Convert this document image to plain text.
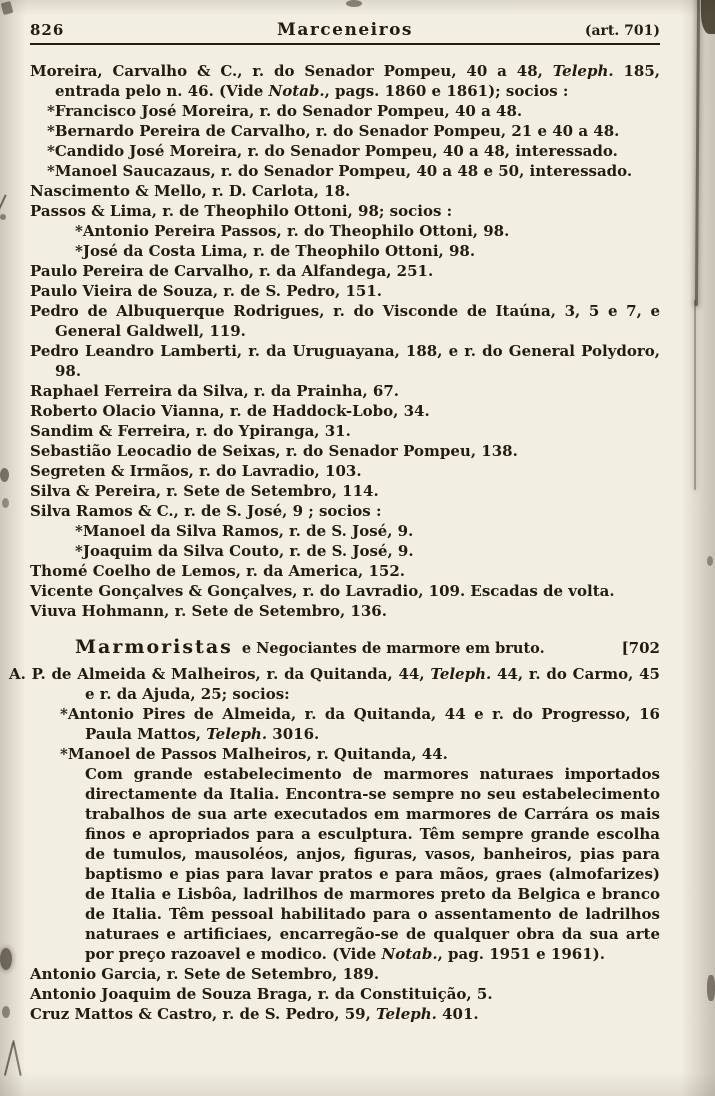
826	Marceneiros	(art. 701)
Moreira, Carvalho & C., r. do Senador Pompeu, 40 a 48, Teleph. 185, entrada pelo n. 46. (Vide Notab., pags. 1860 e 1861); socios :
*Francisco José Moreira, r. do Senador Pompeu, 40 a 48.
*Bernardo Pereira de Carvalho, r. do Senador Pompeu, 21 e 40 a 48.
*Candido José Moreira, r. do Senador Pompeu, 40 a 48, interessado.
*Manoel Saucazaus, r. do Senador Pompeu, 40 a 48 e 50, interessado.
Nascimento & Mello, r. D. Carlota, 18.
Passos & Lima, r. de Theophilo Ottoni, 98; socios :
*Antonio Pereira Passos, r. do Theophilo Ottoni, 98.
*José da Costa Lima, r. de Theophilo Ottoni, 98.
Paulo Pereira de Carvalho, r. da Alfandega, 251.
Paulo Vieira de Souza, r. de S. Pedro, 151.
Pedro de Albuquerque Rodrigues, r. do Visconde de Itaúna, 3, 5 e 7, e General Galdwell, 119.
Pedro Leandro Lamberti, r. da Uruguayana, 188, e r. do General Polydoro, 98.
Raphael Ferreira da Silva, r. da Prainha, 67.
Roberto Olacio Vianna, r. de Haddock-Lobo, 34.
Sandim & Ferreira, r. do Ypiranga, 31.
Sebastião Leocadio de Seixas, r. do Senador Pompeu, 138.
Segreten & Irmãos, r. do Lavradio, 103.
Silva & Pereira, r. Sete de Setembro, 114.
Silva Ramos & C., r. de S. José, 9 ; socios :
*Manoel da Silva Ramos, r. de S. José, 9.
*Joaquim da Silva Couto, r. de S. José, 9.
Thomé Coelho de Lemos, r. da America, 152.
Vicente Gonçalves & Gonçalves, r. do Lavradio, 109. Escadas de volta.
Viuva Hohmann, r. Sete de Setembro, 136.
Marmoristas e Negociantes de marmore em bruto.	[702
A. P. de Almeida & Malheiros, r. da Quitanda, 44, Teleph. 44, r. do Carmo, 45 e r. da Ajuda, 25; socios:
*Antonio Pires de Almeida, r. da Quitanda, 44 e r. do Progresso, 16 Paula Mattos, Teleph. 3016.
*Manoel de Passos Malheiros, r. Quitanda, 44.
Com grande estabelecimento de marmores naturaes importados directamente da Italia. Encontra-se sempre no seu estabelecimento trabalhos de sua arte executados em marmores de Carrára os mais finos e apropriados para a esculptura. Têm sempre grande escolha de tumulos, mausoléos, anjos, figuras, vasos, banheiros, pias para baptismo e pias para lavar pratos e para mãos, graes (almofarizes) de Italia e Lisbôa, ladrilhos de marmores preto da Belgica e branco de Italia. Têm pessoal habilitado para o assentamento de ladrilhos naturaes e artificiaes, encarregão-se de qualquer obra da sua arte por preço razoavel e modico. (Vide Notab., pag. 1951 e 1961).
Antonio Garcia, r. Sete de Setembro, 189.
Antonio Joaquim de Souza Braga, r. da Constituição, 5.
Cruz Mattos & Castro, r. de S. Pedro, 59, Teleph. 401.
